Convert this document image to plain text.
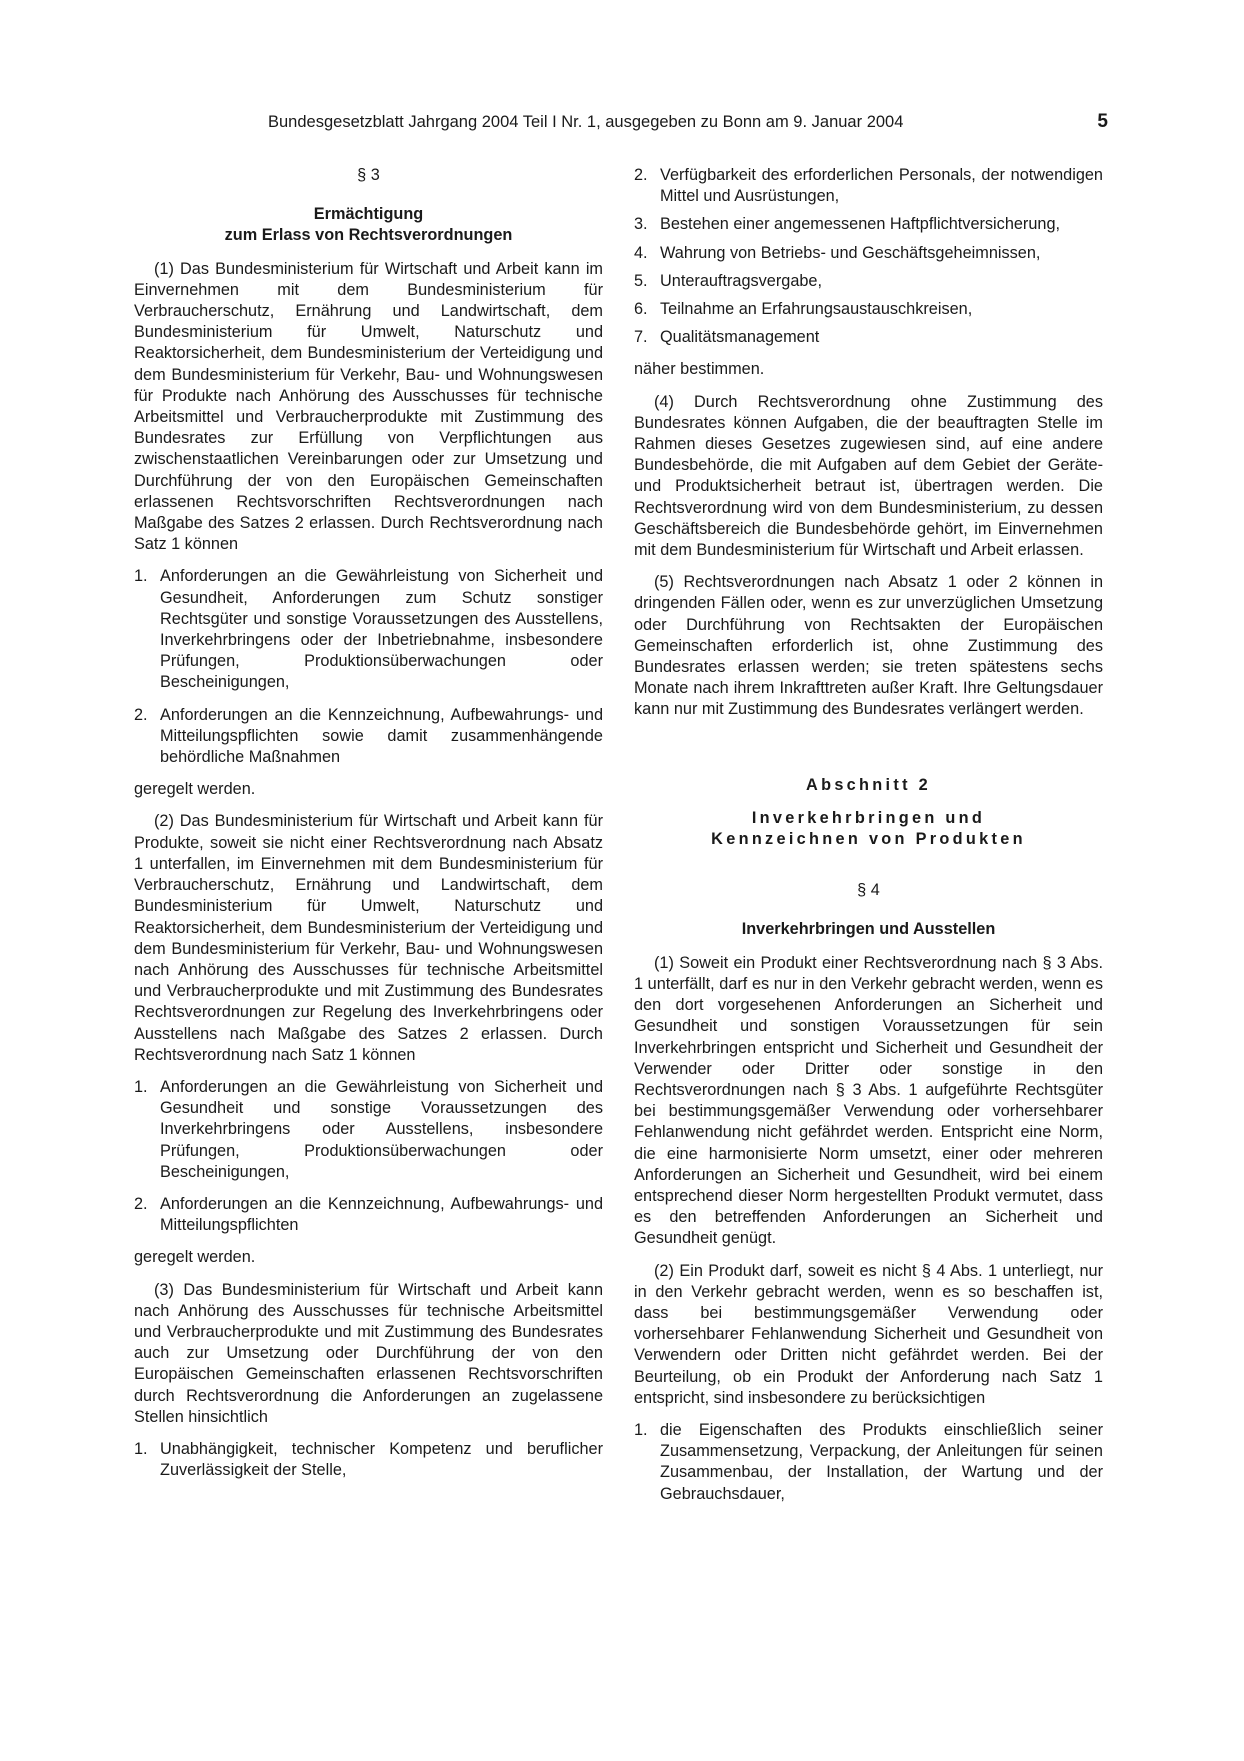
Bundesgesetzblatt Jahrgang 2004 Teil I Nr. 1, ausgegeben zu Bonn am 9. Januar 2004	5

§ 3

Ermächtigung
zum Erlass von Rechtsverordnungen

(1) Das Bundesministerium für Wirtschaft und Arbeit kann im Einvernehmen mit dem Bundesministerium für Verbraucherschutz, Ernährung und Landwirtschaft, dem Bundesministerium für Umwelt, Naturschutz und Reaktorsicherheit, dem Bundesministerium der Verteidigung und dem Bundesministerium für Verkehr, Bau- und Wohnungswesen für Produkte nach Anhörung des Ausschusses für technische Arbeitsmittel und Verbraucherprodukte mit Zustimmung des Bundesrates zur Erfüllung von Verpflichtungen aus zwischenstaatlichen Vereinbarungen oder zur Umsetzung und Durchführung der von den Europäischen Gemeinschaften erlassenen Rechtsvorschriften Rechtsverordnungen nach Maßgabe des Satzes 2 erlassen. Durch Rechtsverordnung nach Satz 1 können

1. Anforderungen an die Gewährleistung von Sicherheit und Gesundheit, Anforderungen zum Schutz sonstiger Rechtsgüter und sonstige Voraussetzungen des Ausstellens, Inverkehrbringens oder der Inbetriebnahme, insbesondere Prüfungen, Produktionsüberwachungen oder Bescheinigungen,
2. Anforderungen an die Kennzeichnung, Aufbewahrungs- und Mitteilungspflichten sowie damit zusammenhängende behördliche Maßnahmen

geregelt werden.

(2) Das Bundesministerium für Wirtschaft und Arbeit kann für Produkte, soweit sie nicht einer Rechtsverordnung nach Absatz 1 unterfallen, im Einvernehmen mit dem Bundesministerium für Verbraucherschutz, Ernährung und Landwirtschaft, dem Bundesministerium für Umwelt, Naturschutz und Reaktorsicherheit, dem Bundesministerium der Verteidigung und dem Bundesministerium für Verkehr, Bau- und Wohnungswesen nach Anhörung des Ausschusses für technische Arbeitsmittel und Verbraucherprodukte und mit Zustimmung des Bundesrates Rechtsverordnungen zur Regelung des Inverkehrbringens oder Ausstellens nach Maßgabe des Satzes 2 erlassen. Durch Rechtsverordnung nach Satz 1 können

1. Anforderungen an die Gewährleistung von Sicherheit und Gesundheit und sonstige Voraussetzungen des Inverkehrbringens oder Ausstellens, insbesondere Prüfungen, Produktionsüberwachungen oder Bescheinigungen,
2. Anforderungen an die Kennzeichnung, Aufbewahrungs- und Mitteilungspflichten

geregelt werden.

(3) Das Bundesministerium für Wirtschaft und Arbeit kann nach Anhörung des Ausschusses für technische Arbeitsmittel und Verbraucherprodukte und mit Zustimmung des Bundesrates auch zur Umsetzung oder Durchführung der von den Europäischen Gemeinschaften erlassenen Rechtsvorschriften durch Rechtsverordnung die Anforderungen an zugelassene Stellen hinsichtlich

1. Unabhängigkeit, technischer Kompetenz und beruflicher Zuverlässigkeit der Stelle,
2. Verfügbarkeit des erforderlichen Personals, der notwendigen Mittel und Ausrüstungen,
3. Bestehen einer angemessenen Haftpflichtversicherung,
4. Wahrung von Betriebs- und Geschäftsgeheimnissen,
5. Unterauftragsvergabe,
6. Teilnahme an Erfahrungsaustauschkreisen,
7. Qualitätsmanagement

näher bestimmen.

(4) Durch Rechtsverordnung ohne Zustimmung des Bundesrates können Aufgaben, die der beauftragten Stelle im Rahmen dieses Gesetzes zugewiesen sind, auf eine andere Bundesbehörde, die mit Aufgaben auf dem Gebiet der Geräte- und Produktsicherheit betraut ist, übertragen werden. Die Rechtsverordnung wird von dem Bundesministerium, zu dessen Geschäftsbereich die Bundesbehörde gehört, im Einvernehmen mit dem Bundesministerium für Wirtschaft und Arbeit erlassen.

(5) Rechtsverordnungen nach Absatz 1 oder 2 können in dringenden Fällen oder, wenn es zur unverzüglichen Umsetzung oder Durchführung von Rechtsakten der Europäischen Gemeinschaften erforderlich ist, ohne Zustimmung des Bundesrates erlassen werden; sie treten spätestens sechs Monate nach ihrem Inkrafttreten außer Kraft. Ihre Geltungsdauer kann nur mit Zustimmung des Bundesrates verlängert werden.

Abschnitt 2

Inverkehrbringen und
Kennzeichnen von Produkten

§ 4

Inverkehrbringen und Ausstellen

(1) Soweit ein Produkt einer Rechtsverordnung nach § 3 Abs. 1 unterfällt, darf es nur in den Verkehr gebracht werden, wenn es den dort vorgesehenen Anforderungen an Sicherheit und Gesundheit und sonstigen Voraussetzungen für sein Inverkehrbringen entspricht und Sicherheit und Gesundheit der Verwender oder Dritter oder sonstige in den Rechtsverordnungen nach § 3 Abs. 1 aufgeführte Rechtsgüter bei bestimmungsgemäßer Verwendung oder vorhersehbarer Fehlanwendung nicht gefährdet werden. Entspricht eine Norm, die eine harmonisierte Norm umsetzt, einer oder mehreren Anforderungen an Sicherheit und Gesundheit, wird bei einem entsprechend dieser Norm hergestellten Produkt vermutet, dass es den betreffenden Anforderungen an Sicherheit und Gesundheit genügt.

(2) Ein Produkt darf, soweit es nicht § 4 Abs. 1 unterliegt, nur in den Verkehr gebracht werden, wenn es so beschaffen ist, dass bei bestimmungsgemäßer Verwendung oder vorhersehbarer Fehlanwendung Sicherheit und Gesundheit von Verwendern oder Dritten nicht gefährdet werden. Bei der Beurteilung, ob ein Produkt der Anforderung nach Satz 1 entspricht, sind insbesondere zu berücksichtigen

1. die Eigenschaften des Produkts einschließlich seiner Zusammensetzung, Verpackung, der Anleitungen für seinen Zusammenbau, der Installation, der Wartung und der Gebrauchsdauer,
